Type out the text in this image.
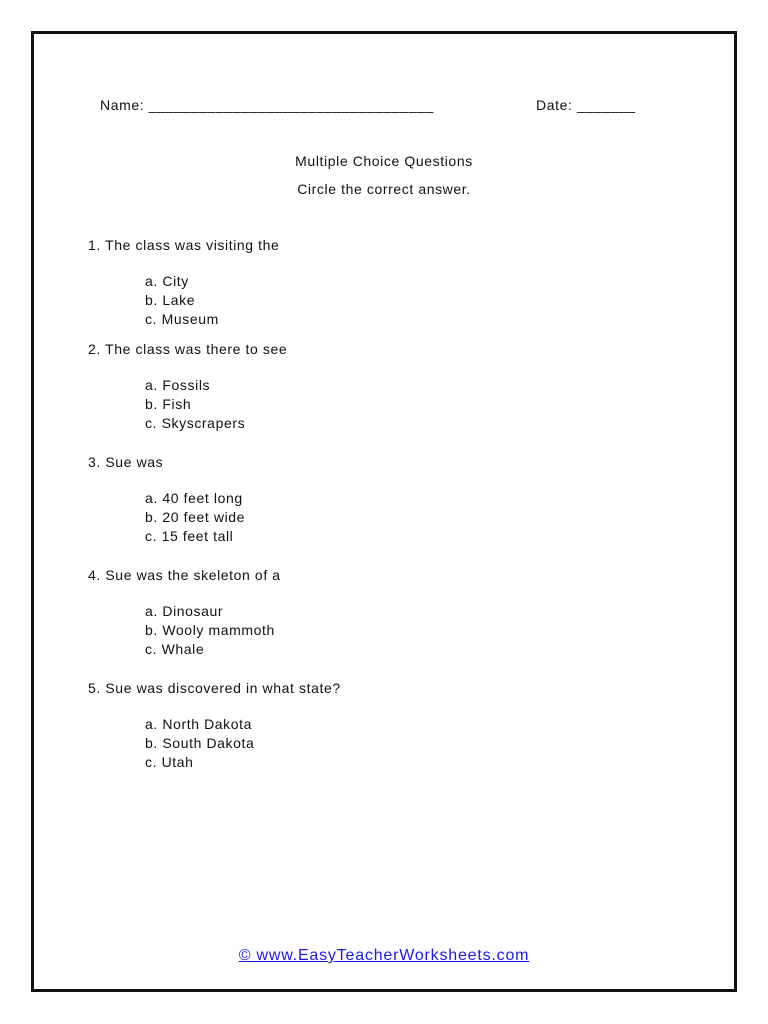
Name: __________________________________	Date: _______
Multiple Choice Questions
Circle the correct answer.

1. The class was visiting the

a. City
b. Lake
c. Museum

2. The class was there to see

a. Fossils
b. Fish
c. Skyscrapers

3. Sue was

a. 40 feet long
b. 20 feet wide
c. 15 feet tall

4. Sue was the skeleton of a

a. Dinosaur
b. Wooly mammoth
c. Whale

5. Sue was discovered in what state?

a. North Dakota
b. South Dakota
c. Utah
© www.EasyTeacherWorksheets.com
